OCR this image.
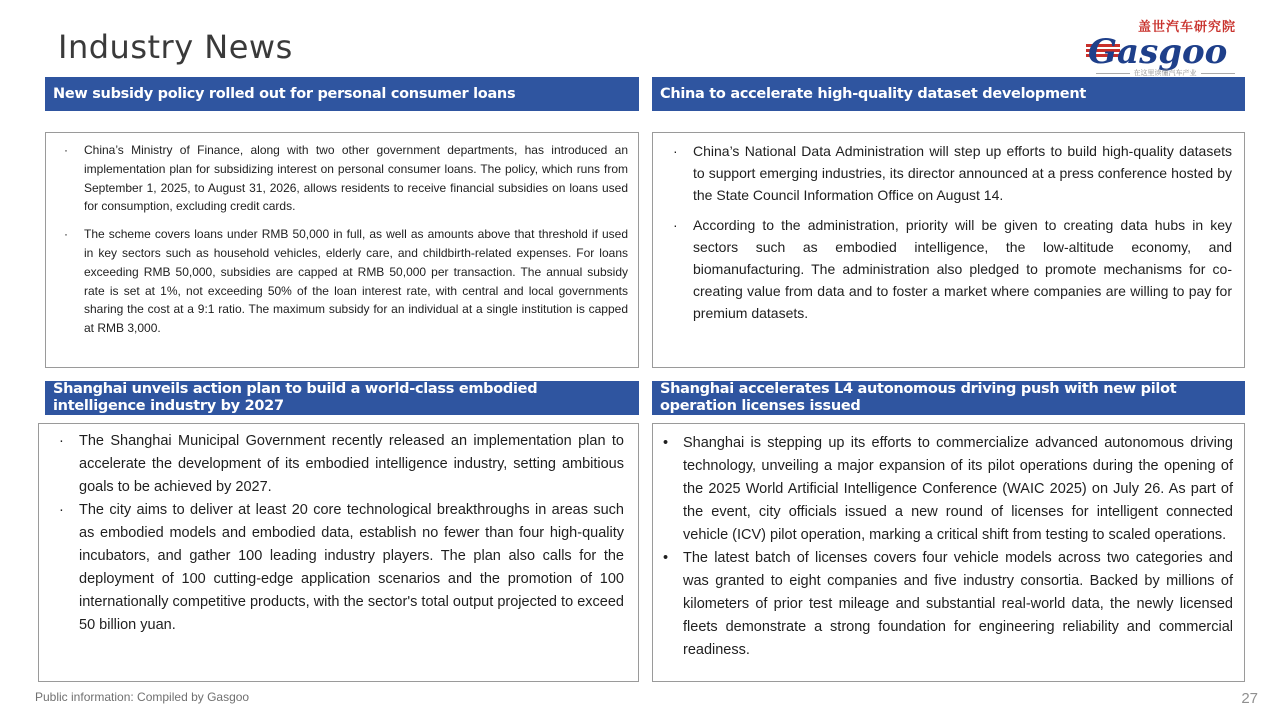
Industry News
盖世汽车研究院
Gasgoo
在这里读懂汽车产业
New subsidy policy rolled out for personal consumer loans
· China’s Ministry of Finance, along with two other government departments, has introduced an implementation plan for subsidizing interest on personal consumer loans. The policy, which runs from September 1, 2025, to August 31, 2026, allows residents to receive financial subsidies on loans used for consumption, excluding credit cards.
· The scheme covers loans under RMB 50,000 in full, as well as amounts above that threshold if used in key sectors such as household vehicles, elderly care, and childbirth-related expenses. For loans exceeding RMB 50,000, subsidies are capped at RMB 50,000 per transaction. The annual subsidy rate is set at 1%, not exceeding 50% of the loan interest rate, with central and local governments sharing the cost at a 9:1 ratio. The maximum subsidy for an individual at a single institution is capped at RMB 3,000.
China to accelerate high-quality dataset development
· China’s National Data Administration will step up efforts to build high-quality datasets to support emerging industries, its director announced at a press conference hosted by the State Council Information Office on August 14.
· According to the administration, priority will be given to creating data hubs in key sectors such as embodied intelligence, the low-altitude economy, and biomanufacturing. The administration also pledged to promote mechanisms for co-creating value from data and to foster a market where companies are willing to pay for premium datasets.
Shanghai unveils action plan to build a world-class embodied intelligence industry by 2027
· The Shanghai Municipal Government recently released an implementation plan to accelerate the development of its embodied intelligence industry, setting ambitious goals to be achieved by 2027.
· The city aims to deliver at least 20 core technological breakthroughs in areas such as embodied models and embodied data, establish no fewer than four high-quality incubators, and gather 100 leading industry players. The plan also calls for the deployment of 100 cutting-edge application scenarios and the promotion of 100 internationally competitive products, with the sector's total output projected to exceed 50 billion yuan.
Shanghai accelerates L4 autonomous driving push with new pilot operation licenses issued
• Shanghai is stepping up its efforts to commercialize advanced autonomous driving technology, unveiling a major expansion of its pilot operations during the opening of the 2025 World Artificial Intelligence Conference (WAIC 2025) on July 26. As part of the event, city officials issued a new round of licenses for intelligent connected vehicle (ICV) pilot operation, marking a critical shift from testing to scaled operations.
• The latest batch of licenses covers four vehicle models across two categories and was granted to eight companies and five industry consortia. Backed by millions of kilometers of prior test mileage and substantial real-world data, the newly licensed fleets demonstrate a strong foundation for engineering reliability and commercial readiness.
Public information: Compiled by Gasgoo	27
